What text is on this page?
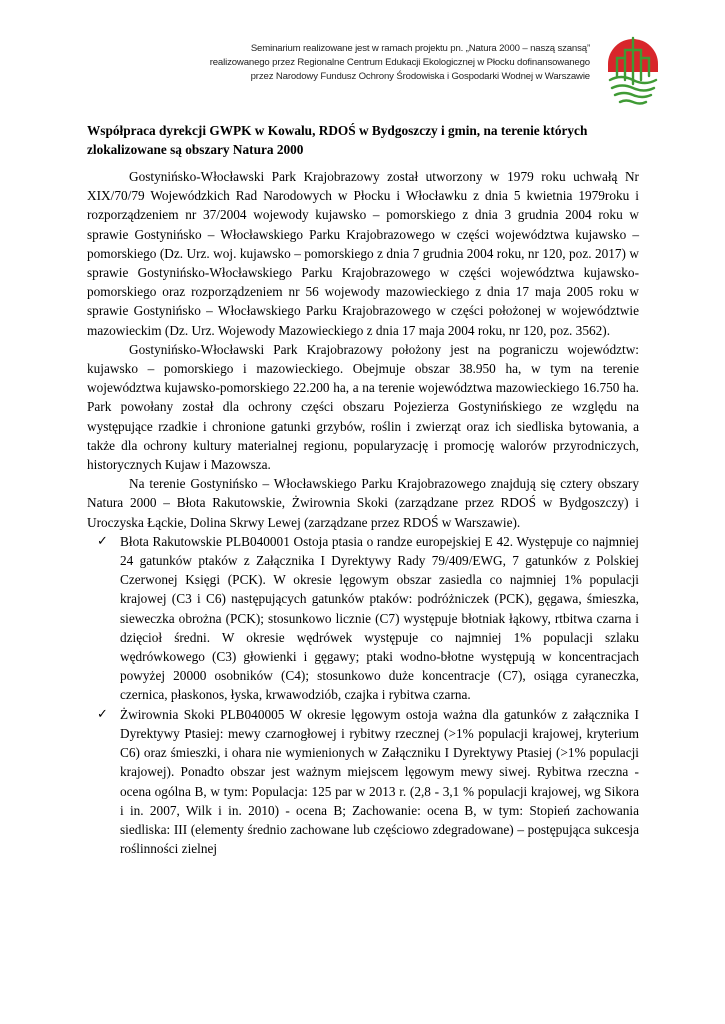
Seminarium realizowane jest w ramach projektu pn. „Natura 2000 – naszą szansą”
realizowanego przez Regionalne Centrum Edukacji Ekologicznej w Płocku dofinansowanego
przez Narodowy Fundusz Ochrony Środowiska i Gospodarki Wodnej w Warszawie
Współpraca dyrekcji GWPK w Kowalu, RDOŚ w Bydgoszczy i gmin, na terenie których zlokalizowane są obszary Natura 2000

Gostynińsko-Włocławski Park Krajobrazowy został utworzony w 1979 roku uchwałą Nr XIX/70/79 Wojewódzkich Rad Narodowych w Płocku i Włocławku z dnia 5 kwietnia 1979roku i rozporządzeniem nr 37/2004 wojewody kujawsko – pomorskiego z dnia 3 grudnia 2004 roku w sprawie Gostynińsko – Włocławskiego Parku Krajobrazowego w części województwa kujawsko – pomorskiego (Dz. Urz. woj. kujawsko – pomorskiego z dnia 7 grudnia 2004 roku, nr 120, poz. 2017) w sprawie Gostynińsko-Włocławskiego Parku Krajobrazowego w części województwa kujawsko-pomorskiego oraz rozporządzeniem nr 56 wojewody mazowieckiego z dnia 17 maja 2005 roku w sprawie Gostynińsko – Włocławskiego Parku Krajobrazowego w części położonej w województwie mazowieckim (Dz. Urz. Wojewody Mazowieckiego z dnia 17 maja 2004 roku, nr 120, poz. 3562).

Gostynińsko-Włocławski Park Krajobrazowy położony jest na pograniczu województw: kujawsko – pomorskiego i mazowieckiego. Obejmuje obszar 38.950 ha, w tym na terenie województwa kujawsko-pomorskiego 22.200 ha, a na terenie województwa mazowieckiego 16.750 ha. Park powołany został dla ochrony części obszaru Pojezierza Gostynińskiego ze względu na występujące rzadkie i chronione gatunki grzybów, roślin i zwierząt oraz ich siedliska bytowania, a także dla ochrony kultury materialnej regionu, popularyzację i promocję walorów przyrodniczych, historycznych Kujaw i Mazowsza.

Na terenie Gostynińsko – Włocławskiego Parku Krajobrazowego znajdują się cztery obszary Natura 2000 – Błota Rakutowskie, Żwirownia Skoki (zarządzane przez RDOŚ w Bydgoszczy) i Uroczyska Łąckie, Dolina Skrwy Lewej (zarządzane przez RDOŚ w Warszawie).

✓ Błota Rakutowskie PLB040001 Ostoja ptasia o randze europejskiej E 42. Występuje co najmniej 24 gatunków ptaków z Załącznika I Dyrektywy Rady 79/409/EWG, 7 gatunków z Polskiej Czerwonej Księgi (PCK). W okresie lęgowym obszar zasiedla co najmniej 1% populacji krajowej (C3 i C6) następujących gatunków ptaków: podróżniczek (PCK), gęgawa, śmieszka, sieweczka obrożna (PCK); stosunkowo licznie (C7) występuje błotniak łąkowy, rtbitwa czarna i dzięcioł średni. W okresie wędrówek występuje co najmniej 1% populacji szlaku wędrówkowego (C3) głowienki i gęgawy; ptaki wodno-błotne występują w koncentracjach powyżej 20000 osobników (C4); stosunkowo duże koncentracje (C7), osiąga cyraneczka, czernica, płaskonos, łyska, krwawodziób, czajka i rybitwa czarna.
✓ Żwirownia Skoki PLB040005 W okresie lęgowym ostoja ważna dla gatunków z załącznika I Dyrektywy Ptasiej: mewy czarnogłowej i rybitwy rzecznej (>1% populacji krajowej, kryterium C6) oraz śmieszki, i ohara nie wymienionych w Załączniku I Dyrektywy Ptasiej (>1% populacji krajowej). Ponadto obszar jest ważnym miejscem lęgowym mewy siwej. Rybitwa rzeczna - ocena ogólna B, w tym: Populacja: 125 par w 2013 r. (2,8 - 3,1 % populacji krajowej, wg Sikora i in. 2007, Wilk i in. 2010) - ocena B; Zachowanie: ocena B, w tym: Stopień zachowania siedliska: III (elementy średnio zachowane lub częściowo zdegradowane) – postępująca sukcesja roślinności zielnej
